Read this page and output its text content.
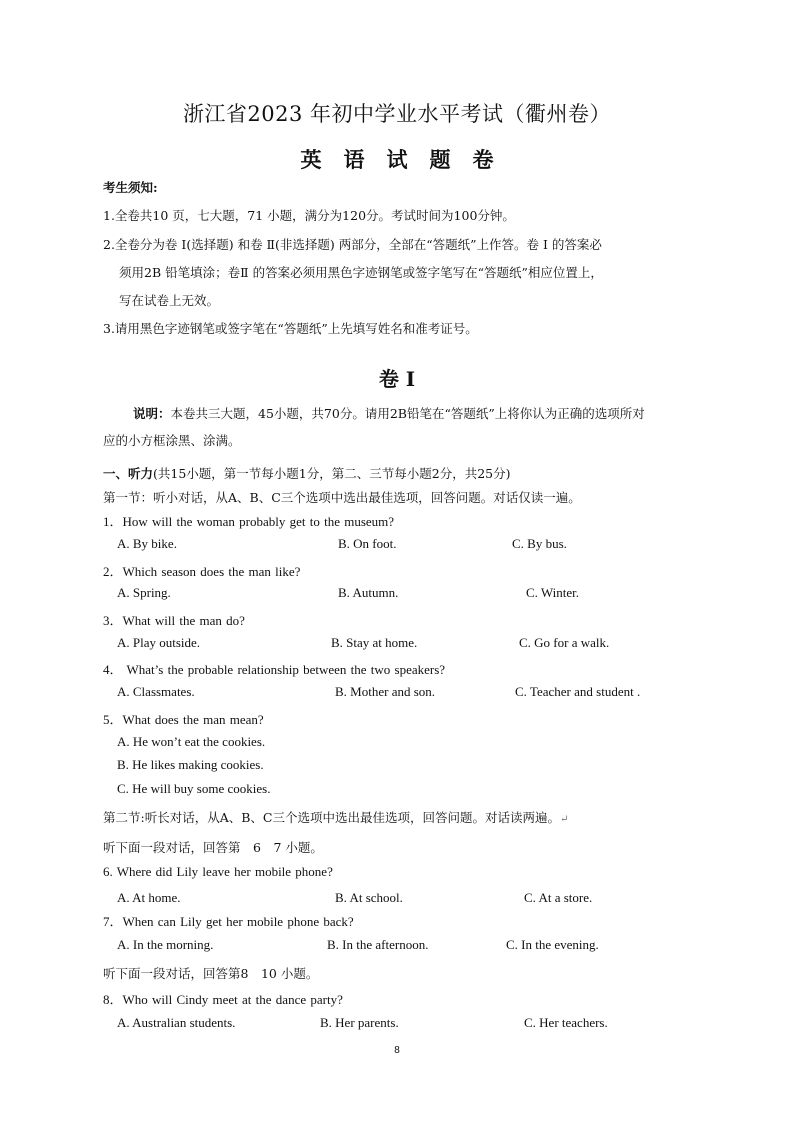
浙江省2023 年初中学业水平考试（衢州卷）
英语试题卷
考生须知:
1.全卷共10 页，七大题，71 小题，满分为120分。考试时间为100分钟。
2.全卷分为卷 Ⅰ(选择题) 和卷 Ⅱ(非选择题) 两部分，全部在“答题纸”上作答。卷 Ⅰ 的答案必
须用2B 铅笔填涂；卷Ⅱ 的答案必须用黑色字迹钢笔或签字笔写在“答题纸”相应位置上，
写在试卷上无效。
3.请用黑色字迹钢笔或签字笔在“答题纸”上先填写姓名和准考证号。
卷 I
说明：本卷共三大题，45小题，共70分。请用2B铅笔在“答题纸”上将你认为正确的选项所对
应的小方框涂黑、涂满。
一、听力(共15小题，第一节每小题1分，第二、三节每小题2分，共25分)
第一节：听小对话，从A、B、C三个选项中选出最佳选项，回答问题。对话仅读一遍。
1．How will the woman probably get to the museum?
A. By bike.	B. On foot.	C. By bus.
2．Which season does the man like?
A. Spring.	B. Autumn.	C. Winter.
3．What will the man do?
A. Play outside.	B. Stay at home.	C. Go for a walk.
4． What’s the probable relationship between the two speakers?
A. Classmates.	B. Mother and son.	C. Teacher and student .
5．What does the man mean?
A. He won’t eat the cookies.
B. He likes making cookies.
C. He will buy some cookies.
第二节:听长对话，从A、B、C三个选项中选出最佳选项，回答问题。对话读两遍。↵
听下面一段对话，回答第　6　7 小题。
6. Where did Lily leave her mobile phone?
A. At home.	B. At school.	C. At a store.
7．When can Lily get her mobile phone back?
A. In the morning.	B. In the afternoon.	C. In the evening.
听下面一段对话，回答第8　10 小题。
8．Who will Cindy meet at the dance party?
A. Australian students.	B. Her parents.	C. Her teachers.
8
